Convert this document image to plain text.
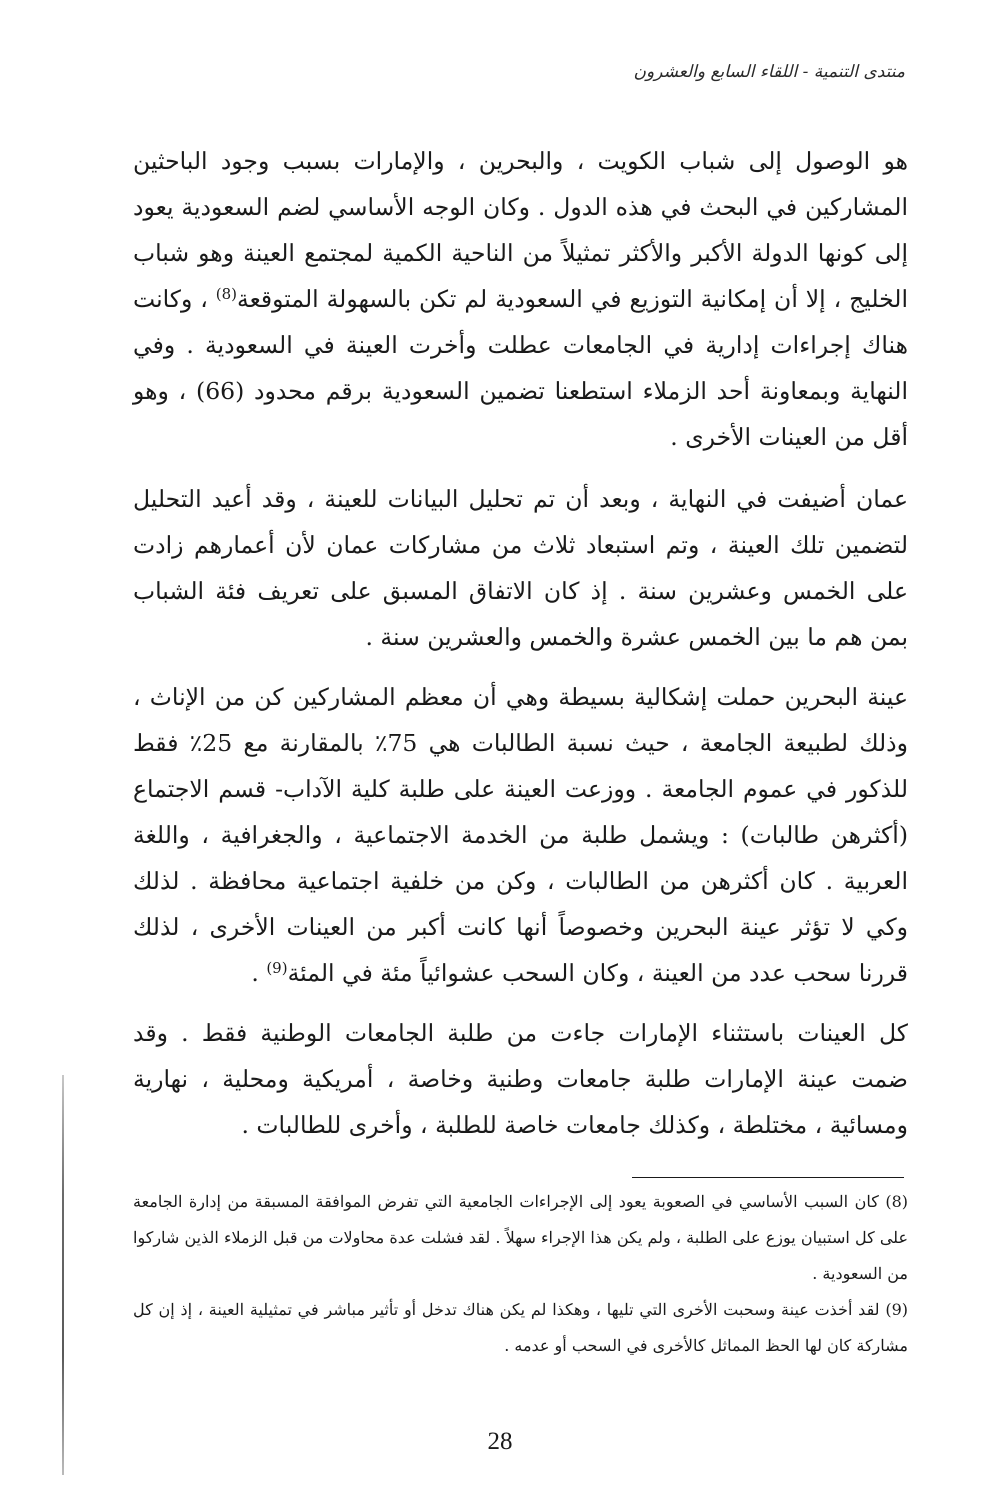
منتدى التنمية - اللقاء السابع والعشرون

هو الوصول إلى شباب الكويت ، والبحرين ، والإمارات بسبب وجود الباحثين المشاركين في البحث في هذه الدول . وكان الوجه الأساسي لضم السعودية يعود إلى كونها الدولة الأكبر والأكثر تمثيلاً من الناحية الكمية لمجتمع العينة وهو شباب الخليج ، إلا أن إمكانية التوزيع في السعودية لم تكن بالسهولة المتوقعة$^{(8)}$ ، وكانت هناك إجراءات إدارية في الجامعات عطلت وأخرت العينة في السعودية . وفي النهاية وبمعاونة أحد الزملاء استطعنا تضمين السعودية برقم محدود (66) ، وهو أقل من العينات الأخرى .

عمان أضيفت في النهاية ، وبعد أن تم تحليل البيانات للعينة ، وقد أعيد التحليل لتضمين تلك العينة ، وتم استبعاد ثلاث من مشاركات عمان لأن أعمارهم زادت على الخمس وعشرين سنة . إذ كان الاتفاق المسبق على تعريف فئة الشباب بمن هم ما بين الخمس عشرة والخمس والعشرين سنة .

عينة البحرين حملت إشكالية بسيطة وهي أن معظم المشاركين كن من الإناث ، وذلك لطبيعة الجامعة ، حيث نسبة الطالبات هي 75٪ بالمقارنة مع 25٪ فقط للذكور في عموم الجامعة . ووزعت العينة على طلبة كلية الآداب- قسم الاجتماع (أكثرهن طالبات) : ويشمل طلبة من الخدمة الاجتماعية ، والجغرافية ، واللغة العربية . كان أكثرهن من الطالبات ، وكن من خلفية اجتماعية محافظة . لذلك وكي لا تؤثر عينة البحرين وخصوصاً أنها كانت أكبر من العينات الأخرى ، لذلك قررنا سحب عدد من العينة ، وكان السحب عشوائياً مئة في المئة$^{(9)}$ .

كل العينات باستثناء الإمارات جاءت من طلبة الجامعات الوطنية فقط . وقد ضمت عينة الإمارات طلبة جامعات وطنية وخاصة ، أمريكية ومحلية ، نهارية ومسائية ، مختلطة ، وكذلك جامعات خاصة للطلبة ، وأخرى للطالبات .

(8) كان السبب الأساسي في الصعوبة يعود إلى الإجراءات الجامعية التي تفرض الموافقة المسبقة من إدارة الجامعة على كل استبيان يوزع على الطلبة ، ولم يكن هذا الإجراء سهلاً . لقد فشلت عدة محاولات من قبل الزملاء الذين شاركوا من السعودية .

(9) لقد أخذت عينة وسحبت الأخرى التي تليها ، وهكذا لم يكن هناك تدخل أو تأثير مباشر في تمثيلية العينة ، إذ إن كل مشاركة كان لها الحظ المماثل كالأخرى في السحب أو عدمه .

28
